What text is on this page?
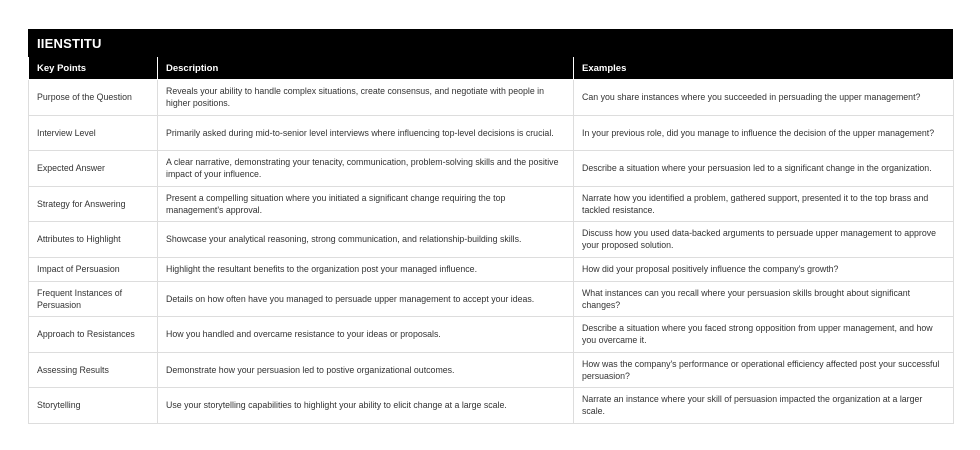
IIENSTITU
Key Points	Description	Examples
Purpose of the Question	Reveals your ability to handle complex situations, create consensus, and negotiate with people in higher positions.	Can you share instances where you succeeded in persuading the upper management?
Interview Level	Primarily asked during mid-to-senior level interviews where influencing top-level decisions is crucial.	In your previous role, did you manage to influence the decision of the upper management?
Expected Answer	A clear narrative, demonstrating your tenacity, communication, problem-solving skills and the positive impact of your influence.	Describe a situation where your persuasion led to a significant change in the organization.
Strategy for Answering	Present a compelling situation where you initiated a significant change requiring the top management's approval.	Narrate how you identified a problem, gathered support, presented it to the top brass and tackled resistance.
Attributes to Highlight	Showcase your analytical reasoning, strong communication, and relationship-building skills.	Discuss how you used data-backed arguments to persuade upper management to approve your proposed solution.
Impact of Persuasion	Highlight the resultant benefits to the organization post your managed influence.	How did your proposal positively influence the company's growth?
Frequent Instances of Persuasion	Details on how often have you managed to persuade upper management to accept your ideas.	What instances can you recall where your persuasion skills brought about significant changes?
Approach to Resistances	How you handled and overcame resistance to your ideas or proposals.	Describe a situation where you faced strong opposition from upper management, and how you overcame it.
Assessing Results	Demonstrate how your persuasion led to postive organizational outcomes.	How was the company's performance or operational efficiency affected post your successful persuasion?
Storytelling	Use your storytelling capabilities to highlight your ability to elicit change at a large scale.	Narrate an instance where your skill of persuasion impacted the organization at a larger scale.
